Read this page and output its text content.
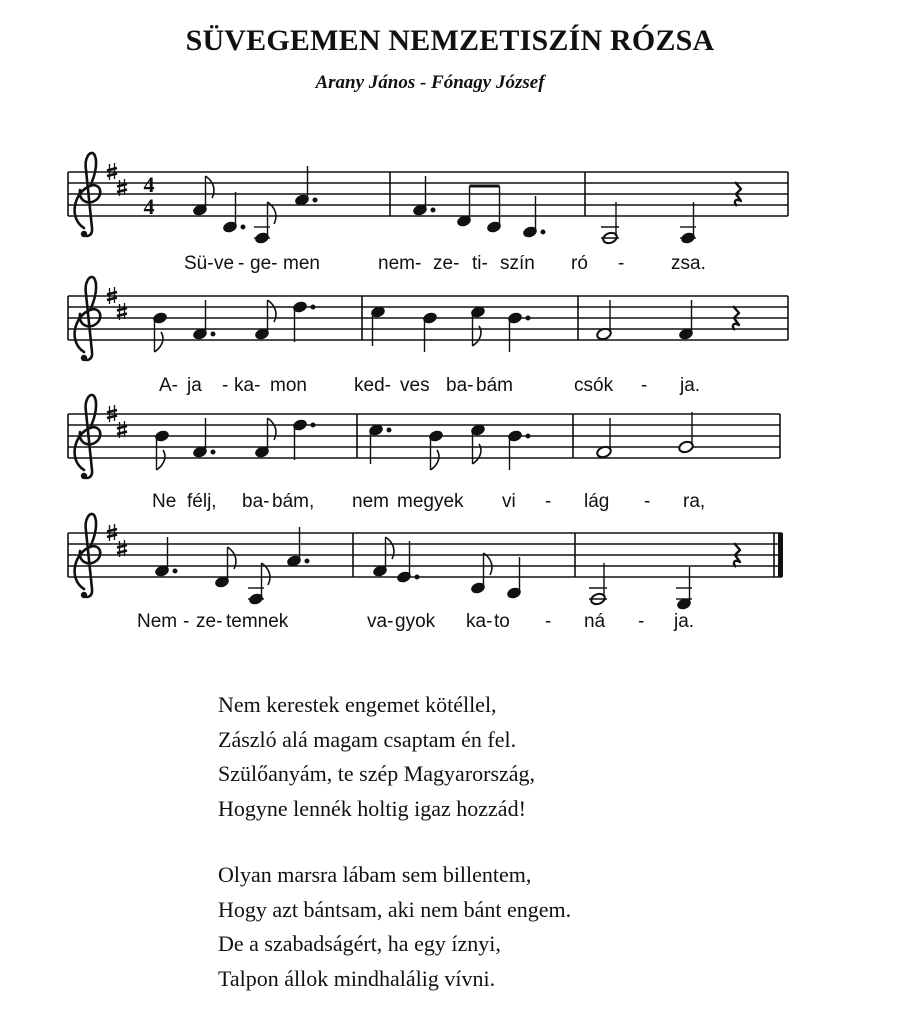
SÜVEGEMEN NEMZETISZÍN RÓZSA
Arany János - Fónagy József
4
4
Sü- ve - ge- men	nem- ze- ti- szín ró - zsa.
A- ja - ka- mon ked- ves ba- bám	csók - ja.
Ne félj, ba- bám, nem megyek vi - lág - ra,
Nem - ze- temnek	va- gyok ka- to - ná - ja.
Nem kerestek engemet kötéllel,
Zászló alá magam csaptam én fel.
Szülőanyám, te szép Magyarország,
Hogyne lennék holtig igaz hozzád!
Olyan marsra lábam sem billentem,
Hogy azt bántsam, aki nem bánt engem.
De a szabadságért, ha egy íznyi,
Talpon állok mindhalálig vívni.
